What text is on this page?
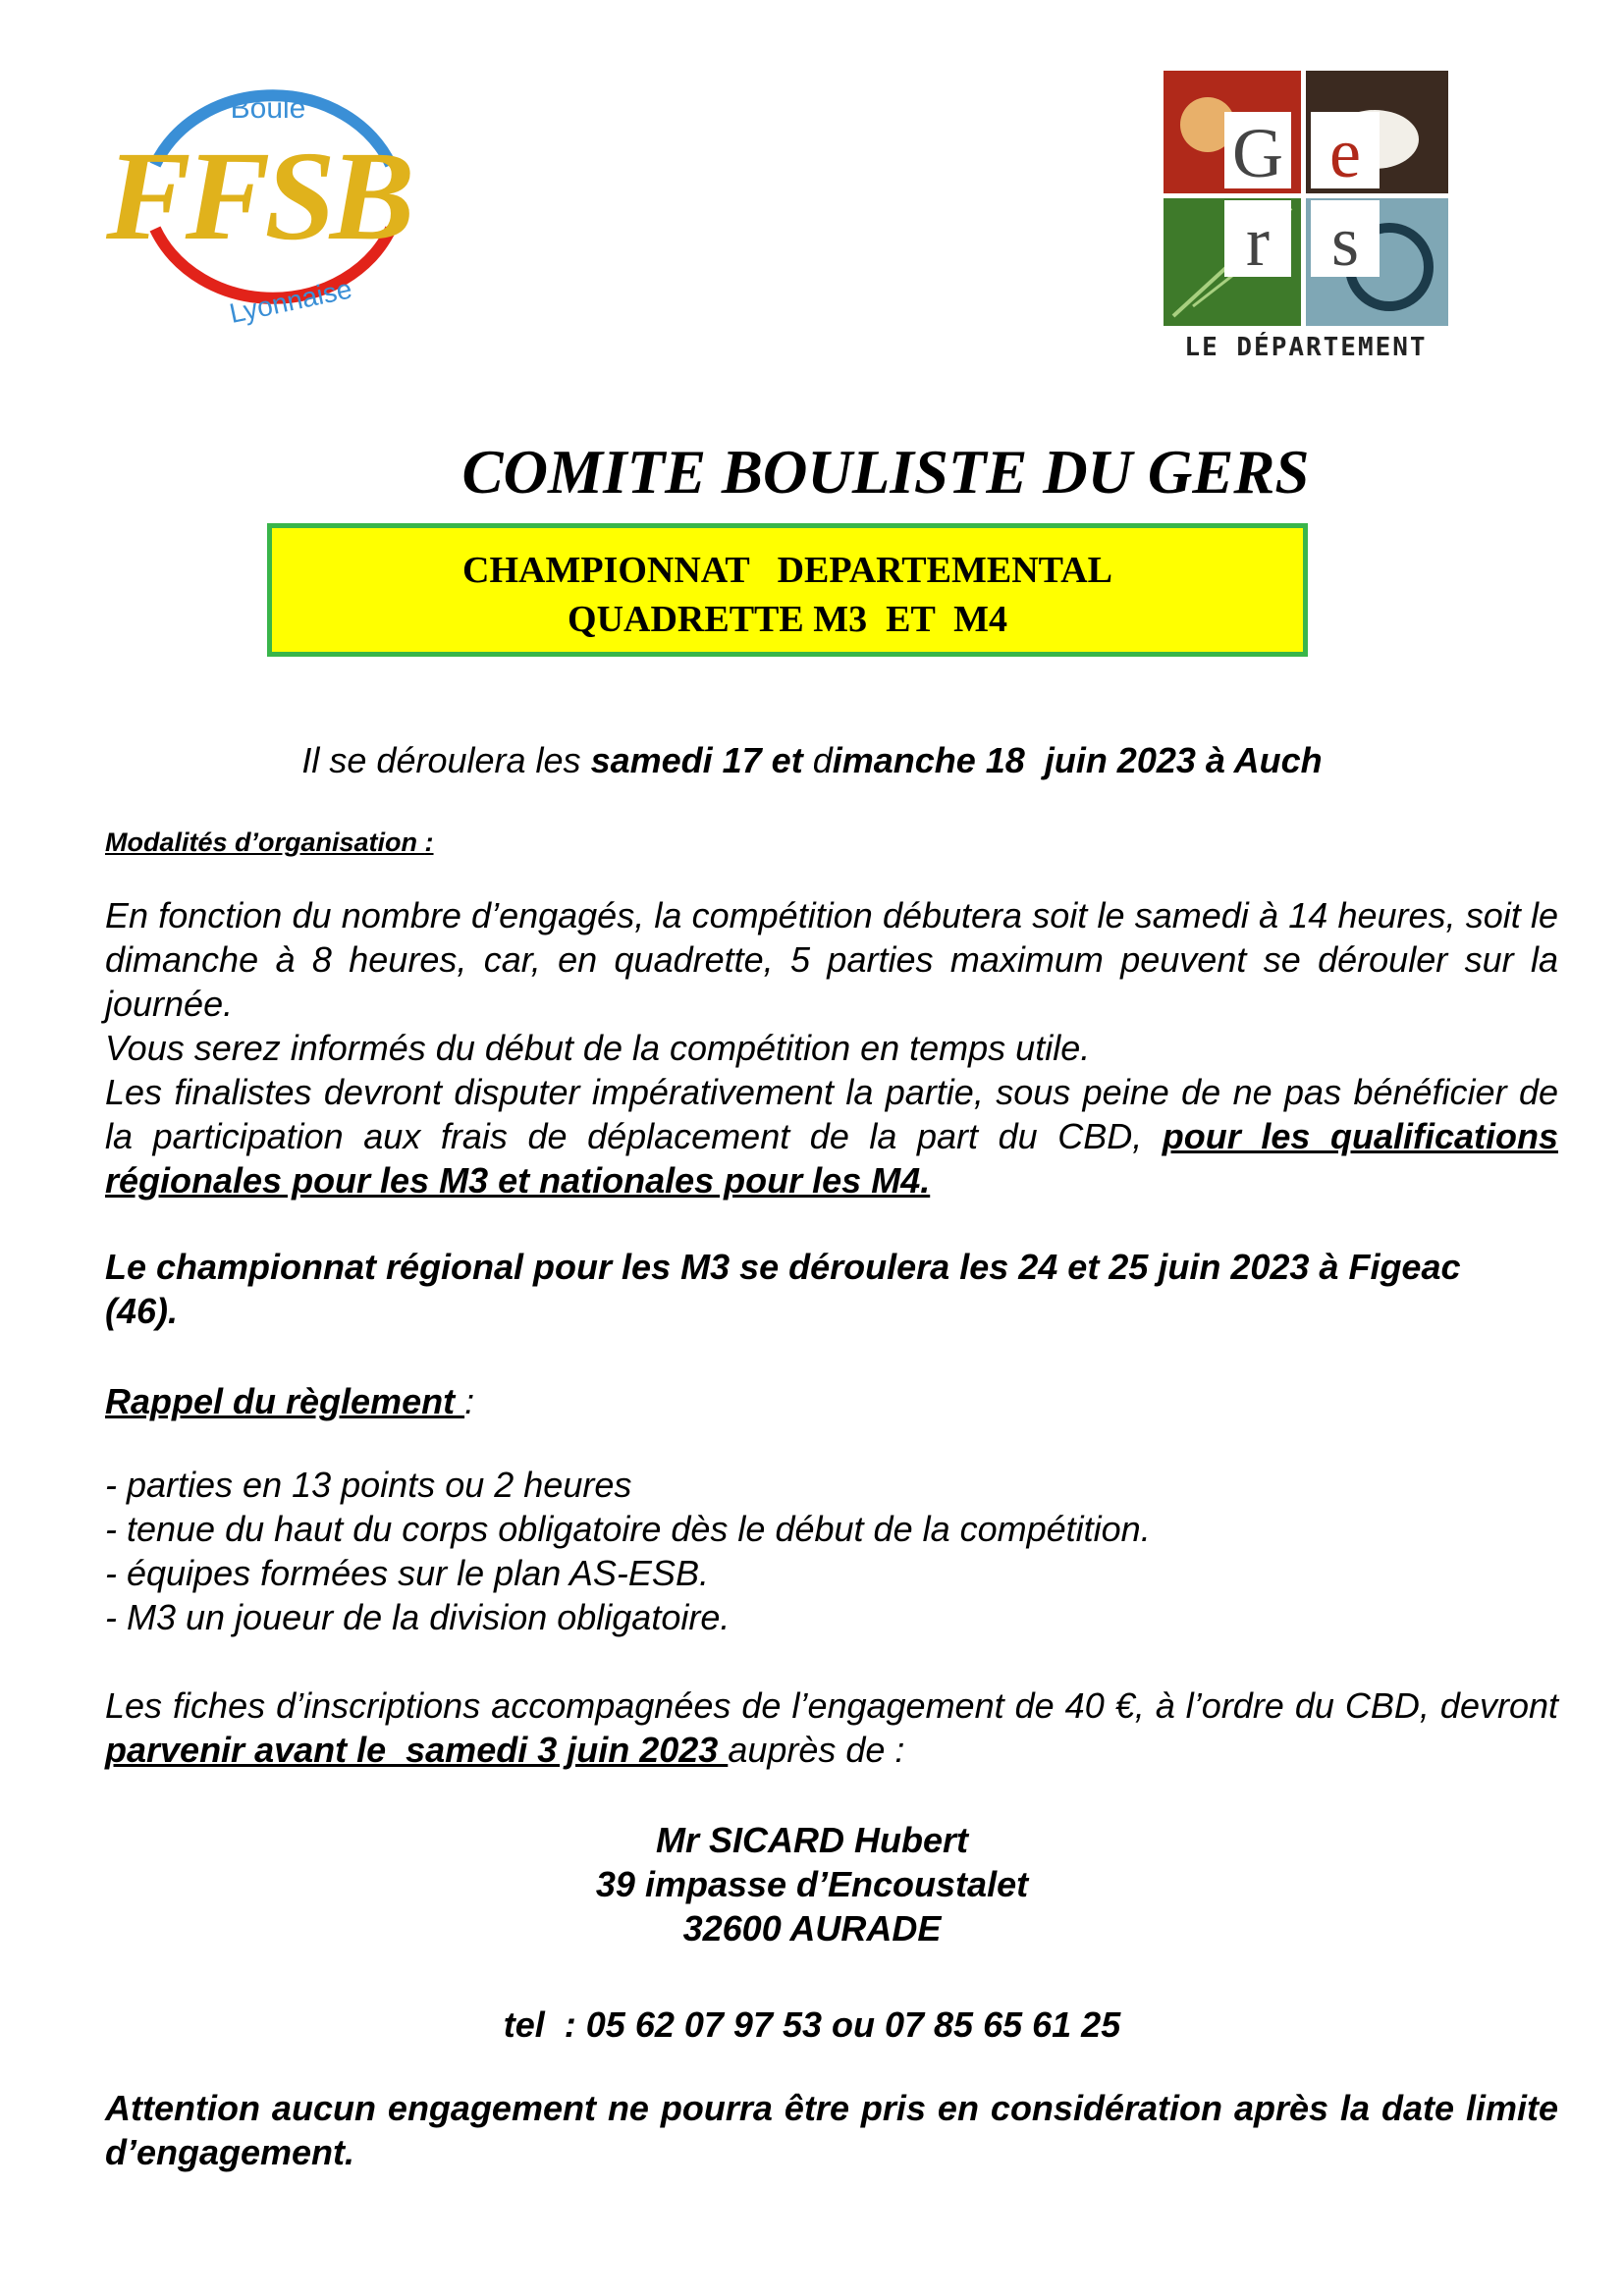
Boule
FFSB
Lyonnaise
G e
r s
LE DÉPARTEMENT
COMITE BOULISTE DU GERS
CHAMPIONNAT   DEPARTEMENTAL
QUADRETTE M3  ET  M4
Il se déroulera les samedi 17 et dimanche 18  juin 2023 à Auch
Modalités d’organisation :

En fonction du nombre d’engagés, la compétition débutera soit le samedi à 14 heures, soit le dimanche à 8 heures, car, en quadrette, 5 parties maximum peuvent se dérouler sur la journée.

Vous serez informés du début de la compétition en temps utile.

Les finalistes devront disputer impérativement la partie, sous peine de ne pas bénéficier de la participation aux frais de déplacement de la part du CBD, pour les qualifications régionales pour les M3 et nationales pour les M4.

Le championnat régional pour les M3 se déroulera les 24 et 25 juin 2023 à Figeac (46).
Rappel du règlement :
- parties en 13 points ou 2 heures
- tenue du haut du corps obligatoire dès le début de la compétition.
- équipes formées sur le plan AS-ESB.
- M3 un joueur de la division obligatoire.
Les fiches d’inscriptions accompagnées de l’engagement de 40 €, à l’ordre du CBD, devront parvenir avant le  samedi 3 juin 2023 auprès de :
Mr SICARD Hubert
39 impasse d’Encoustalet
32600 AURADE
tel  : 05 62 07 97 53 ou 07 85 65 61 25
Attention aucun engagement ne pourra être pris en considération après la date limite d’engagement.
